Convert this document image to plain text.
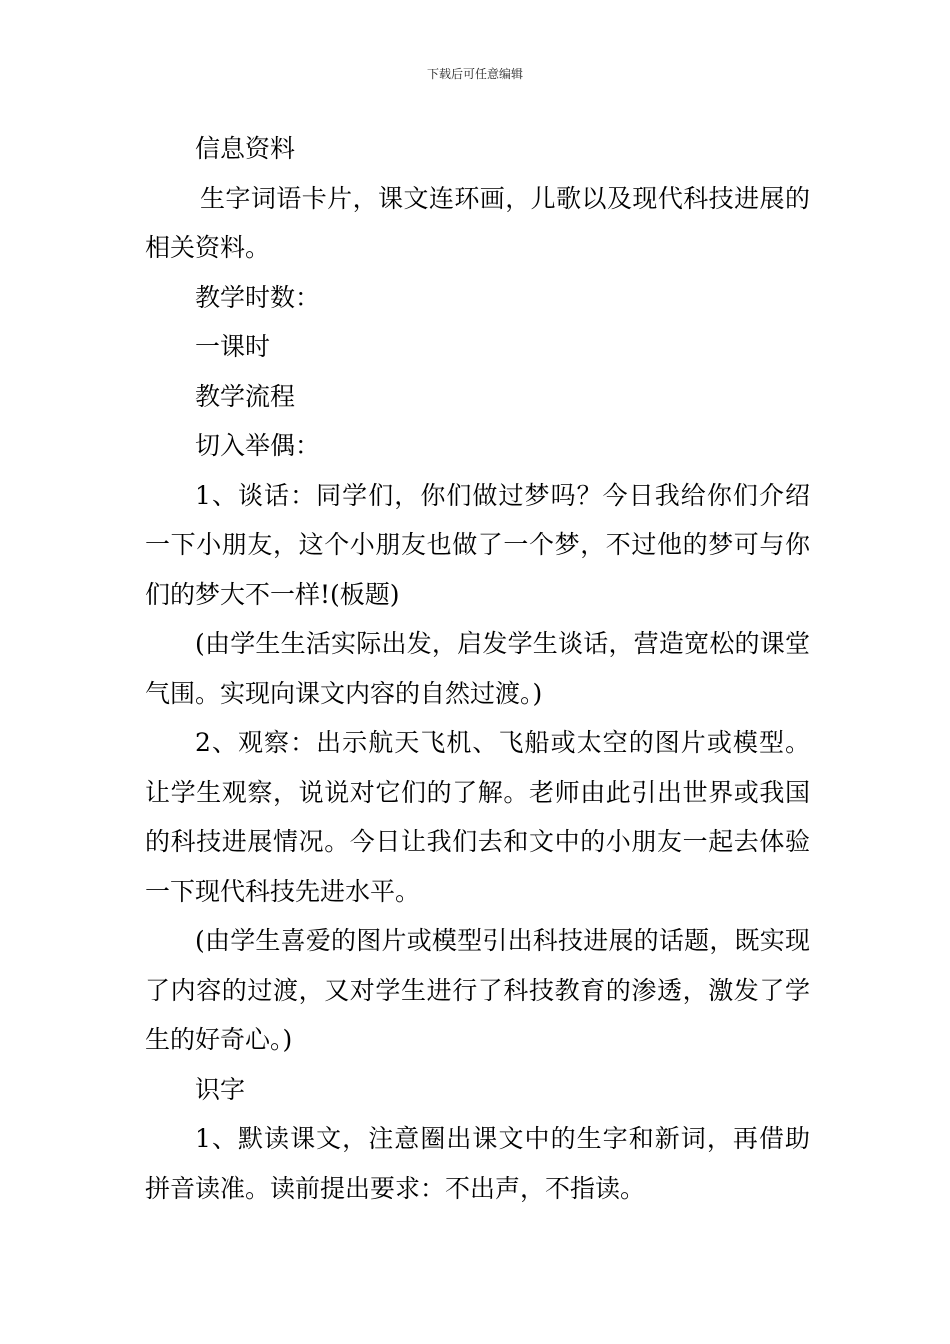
下载后可任意编辑

信息资料

生字词语卡片，课文连环画，儿歌以及现代科技进展的相关资料。

教学时数：

一课时

教学流程

切入举偶：

1、谈话：同学们，你们做过梦吗？今日我给你们介绍一下小朋友，这个小朋友也做了一个梦，不过他的梦可与你们的梦大不一样!(板题)

(由学生生活实际出发，启发学生谈话，营造宽松的课堂气围。实现向课文内容的自然过渡。)

2、观察：出示航天飞机、飞船或太空的图片或模型。让学生观察，说说对它们的了解。老师由此引出世界或我国的科技进展情况。今日让我们去和文中的小朋友一起去体验一下现代科技先进水平。

(由学生喜爱的图片或模型引出科技进展的话题，既实现了内容的过渡，又对学生进行了科技教育的渗透，激发了学生的好奇心。)

识字

1、默读课文，注意圈出课文中的生字和新词，再借助拼音读准。读前提出要求：不出声，不指读。
